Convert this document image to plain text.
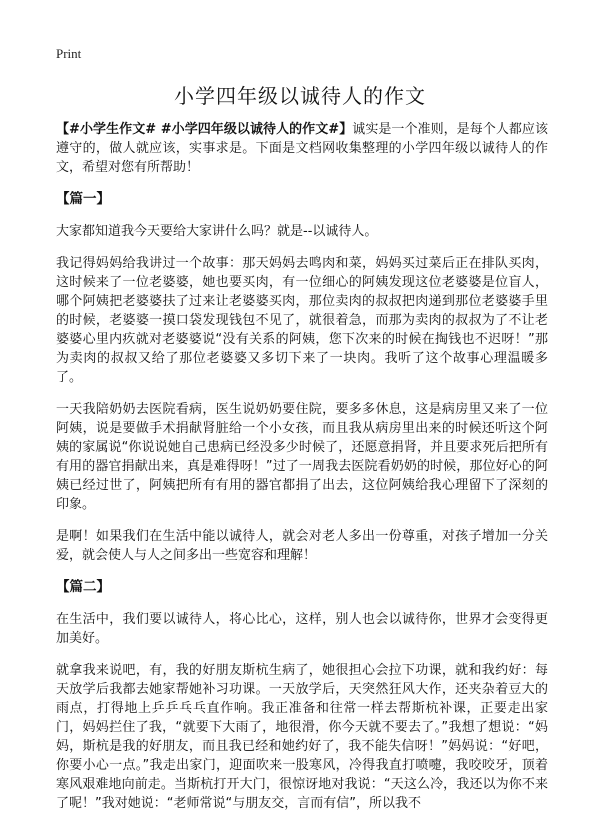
Print
小学四年级以诚待人的作文

【#小学生作文# #小学四年级以诚待人的作文#】诚实是一个准则，是每个人都应该遵守的，做人就应该，实事求是。下面是文档网收集整理的小学四年级以诚待人的作文，希望对您有所帮助！

【篇一】

大家都知道我今天要给大家讲什么吗？就是--以诚待人。

我记得妈妈给我讲过一个故事：那天妈妈去鸣肉和菜，妈妈买过菜后正在排队买肉，这时候来了一位老婆婆，她也要买肉，有一位细心的阿姨发现这位老婆婆是位盲人，哪个阿姨把老婆婆扶了过来让老婆婆买肉，那位卖肉的叔叔把肉递到那位老婆婆手里的时候，老婆婆一摸口袋发现钱包不见了，就很着急，而那为卖肉的叔叔为了不让老婆婆心里内疚就对老婆婆说“没有关系的阿姨，您下次来的时候在掏钱也不迟呀！”那为卖肉的叔叔又给了那位老婆婆又多切下来了一块肉。我听了这个故事心理温暖多了。

一天我陪奶奶去医院看病，医生说奶奶要住院，要多多休息，这是病房里又来了一位阿姨，说是要做手术捐献肾脏给一个小女孩，而且我从病房里出来的时候还听这个阿姨的家属说“你说说她自己患病已经没多少时候了，还愿意捐肾，并且要求死后把所有有用的器官捐献出来，真是难得呀！”过了一周我去医院看奶奶的时候，那位好心的阿姨已经过世了，阿姨把所有有用的器官都捐了出去，这位阿姨给我心理留下了深刻的印象。

是啊！如果我们在生活中能以诚待人，就会对老人多出一份尊重，对孩子增加一分关爱，就会使人与人之间多出一些宽容和理解！

【篇二】

在生活中，我们要以诚待人，将心比心，这样，别人也会以诚待你，世界才会变得更加美好。

就拿我来说吧，有，我的好朋友斯杭生病了，她很担心会拉下功课，就和我约好：每天放学后我都去她家帮她补习功课。一天放学后，天突然狂风大作，还夹杂着豆大的雨点，打得地上乒乒乓乓直作响。我正准备和往常一样去帮斯杭补课，正要走出家门，妈妈拦住了我，“就要下大雨了，地很滑，你今天就不要去了。”我想了想说：“妈妈，斯杭是我的好朋友，而且我已经和她约好了，我不能失信呀！”妈妈说：“好吧，你要小心一点。”我走出家门，迎面吹来一股寒风，冷得我直打喷嚏，我咬咬牙，顶着寒风艰难地向前走。当斯杭打开大门，很惊讶地对我说：“天这么冷，我还以为你不来了呢！”我对她说：“老师常说“与朋友交，言而有信”，所以我不
